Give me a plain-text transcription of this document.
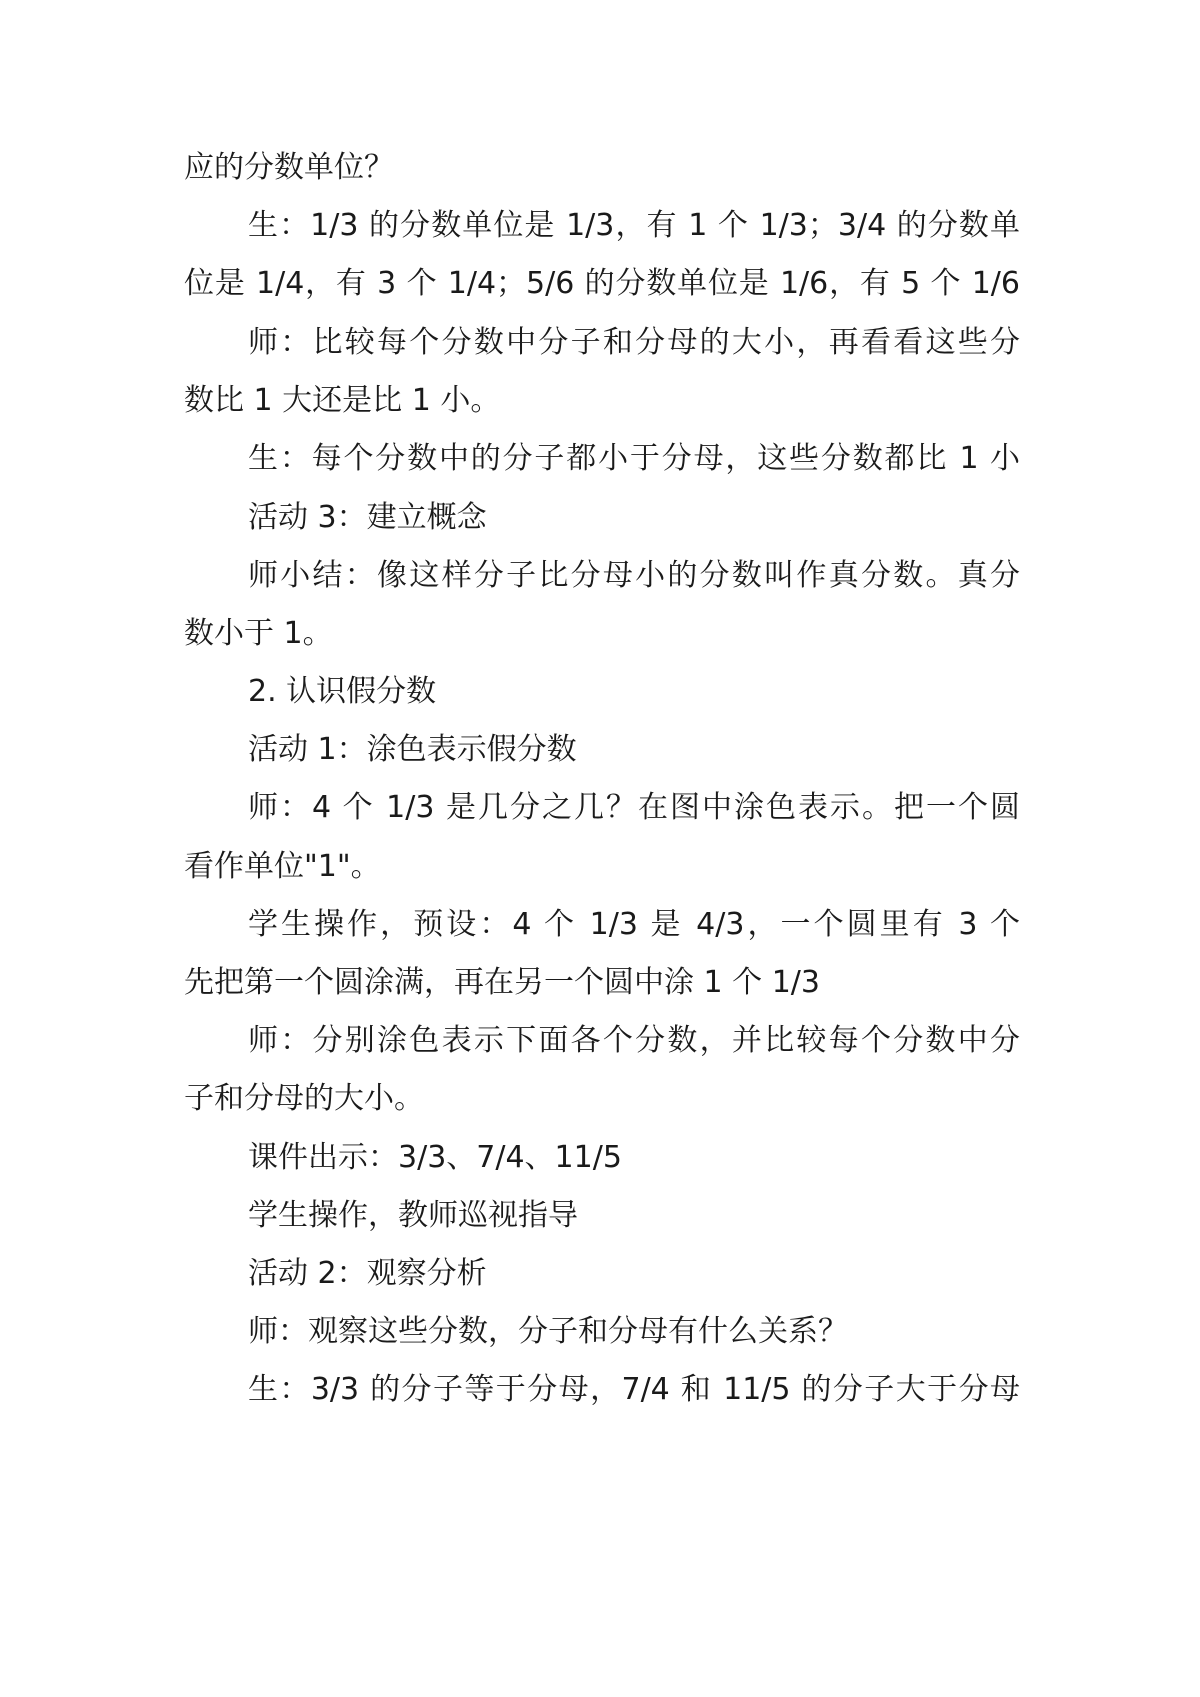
应的分数单位？
生：1/3 的分数单位是 1/3，有 1 个 1/3；3/4 的分数单
位是 1/4，有 3 个 1/4；5/6 的分数单位是 1/6，有 5 个 1/6
师：比较每个分数中分子和分母的大小，再看看这些分
数比 1 大还是比 1 小。
生：每个分数中的分子都小于分母，这些分数都比 1 小
活动 3：建立概念
师小结：像这样分子比分母小的分数叫作真分数。真分
数小于 1。
2. 认识假分数
活动 1：涂色表示假分数
师：4 个 1/3 是几分之几？在图中涂色表示。把一个圆
看作单位"1"。
学生操作，预设：4 个 1/3 是 4/3，一个圆里有 3 个
先把第一个圆涂满，再在另一个圆中涂 1 个 1/3
师：分别涂色表示下面各个分数，并比较每个分数中分
子和分母的大小。
课件出示：3/3、7/4、11/5
学生操作，教师巡视指导
活动 2：观察分析
师：观察这些分数，分子和分母有什么关系？
生：3/3 的分子等于分母，7/4 和 11/5 的分子大于分母
